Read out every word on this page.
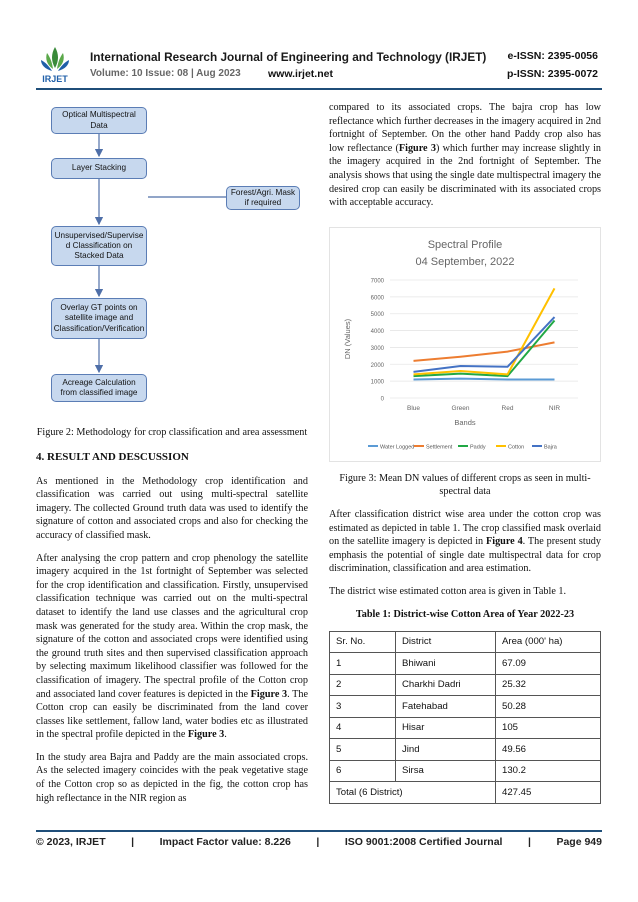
IRJET
International Research Journal of Engineering and Technology (IRJET) e-ISSN: 2395-0056
Volume: 10 Issue: 08 | Aug 2023	www.irjet.net	p-ISSN: 2395-0072
Optical Multispectral Data
Layer Stacking
Forest/Agri. Mask if required
Unsupervised/Supervise d Classification on Stacked Data
Overlay GT points on satellite image and Classification/Verification
Acreage Calculation from classified image
Figure 2: Methodology for crop classification and area assessment
4. RESULT AND DESCUSSION

As mentioned in the Methodology crop identification and classification was carried out using multi-spectral satellite imagery. The collected Ground truth data was used to identify the signature of cotton and associated crops and also for checking the accuracy of classified mask.

After analysing the crop pattern and crop phenology the satellite imagery acquired in the 1st fortnight of September was selected for the crop identification and classification. Firstly, unsupervised classification technique was carried out on the multi-spectral dataset to identify the land use classes and the agricultural crop mask was generated for the study area. Within the crop mask, the signature of the cotton and associated crops were identified using the ground truth sites and then supervised classification approach by selecting maximum likelihood classifier was followed for the classification of imagery. The spectral profile of the Cotton crop and associated land cover features is depicted in the Figure 3. The Cotton crop can easily be discriminated from the land cover classes like settlement, fallow land, water bodies etc as illustrated in the spectral profile depicted in the Figure 3.

In the study area Bajra and Paddy are the main associated crops. As the selected imagery coincides with the peak vegetative stage of the Cotton crop so as depicted in the fig, the cotton crop has high reflectance in the NIR region as

compared to its associated crops. The bajra crop has low reflectance which further decreases in the imagery acquired in 2nd fortnight of September. On the other hand Paddy crop also has low reflectance (Figure 3) which further may increase slightly in the imagery acquired in the 2nd fortnight of September. The analysis shows that using the single date multispectral imagery the desired crop can easily be discriminated with its associated crops with acceptable accuracy.

Spectral Profile
04 September, 2022
0
1000
2000
3000
4000
5000
6000
7000
Blue	Green	Red	NIR
Bands
DN (Values)
Water Logged Settlement	Paddy	Cotton	Bajra
Figure 3: Mean DN values of different crops as seen in multi-spectral data

After classification district wise area under the cotton crop was estimated as depicted in table 1. The crop classified mask overlaid on the satellite imagery is depicted in Figure 4. The present study emphasis the potential of single date multispectral data for crop discrimination, classification and area estimation.

The district wise estimated cotton area is given in Table 1.

Table 1: District-wise Cotton Area of Year 2022-23
Sr. No.	District	Area (000' ha)
1	Bhiwani	67.09
2	Charkhi Dadri	25.32
3	Fatehabad	50.28
4	Hisar	105
5	Jind	49.56
6	Sirsa	130.2
Total (6 District)		427.45
© 2023, IRJET | Impact Factor value: 8.226 | ISO 9001:2008 Certified Journal | Page 949
